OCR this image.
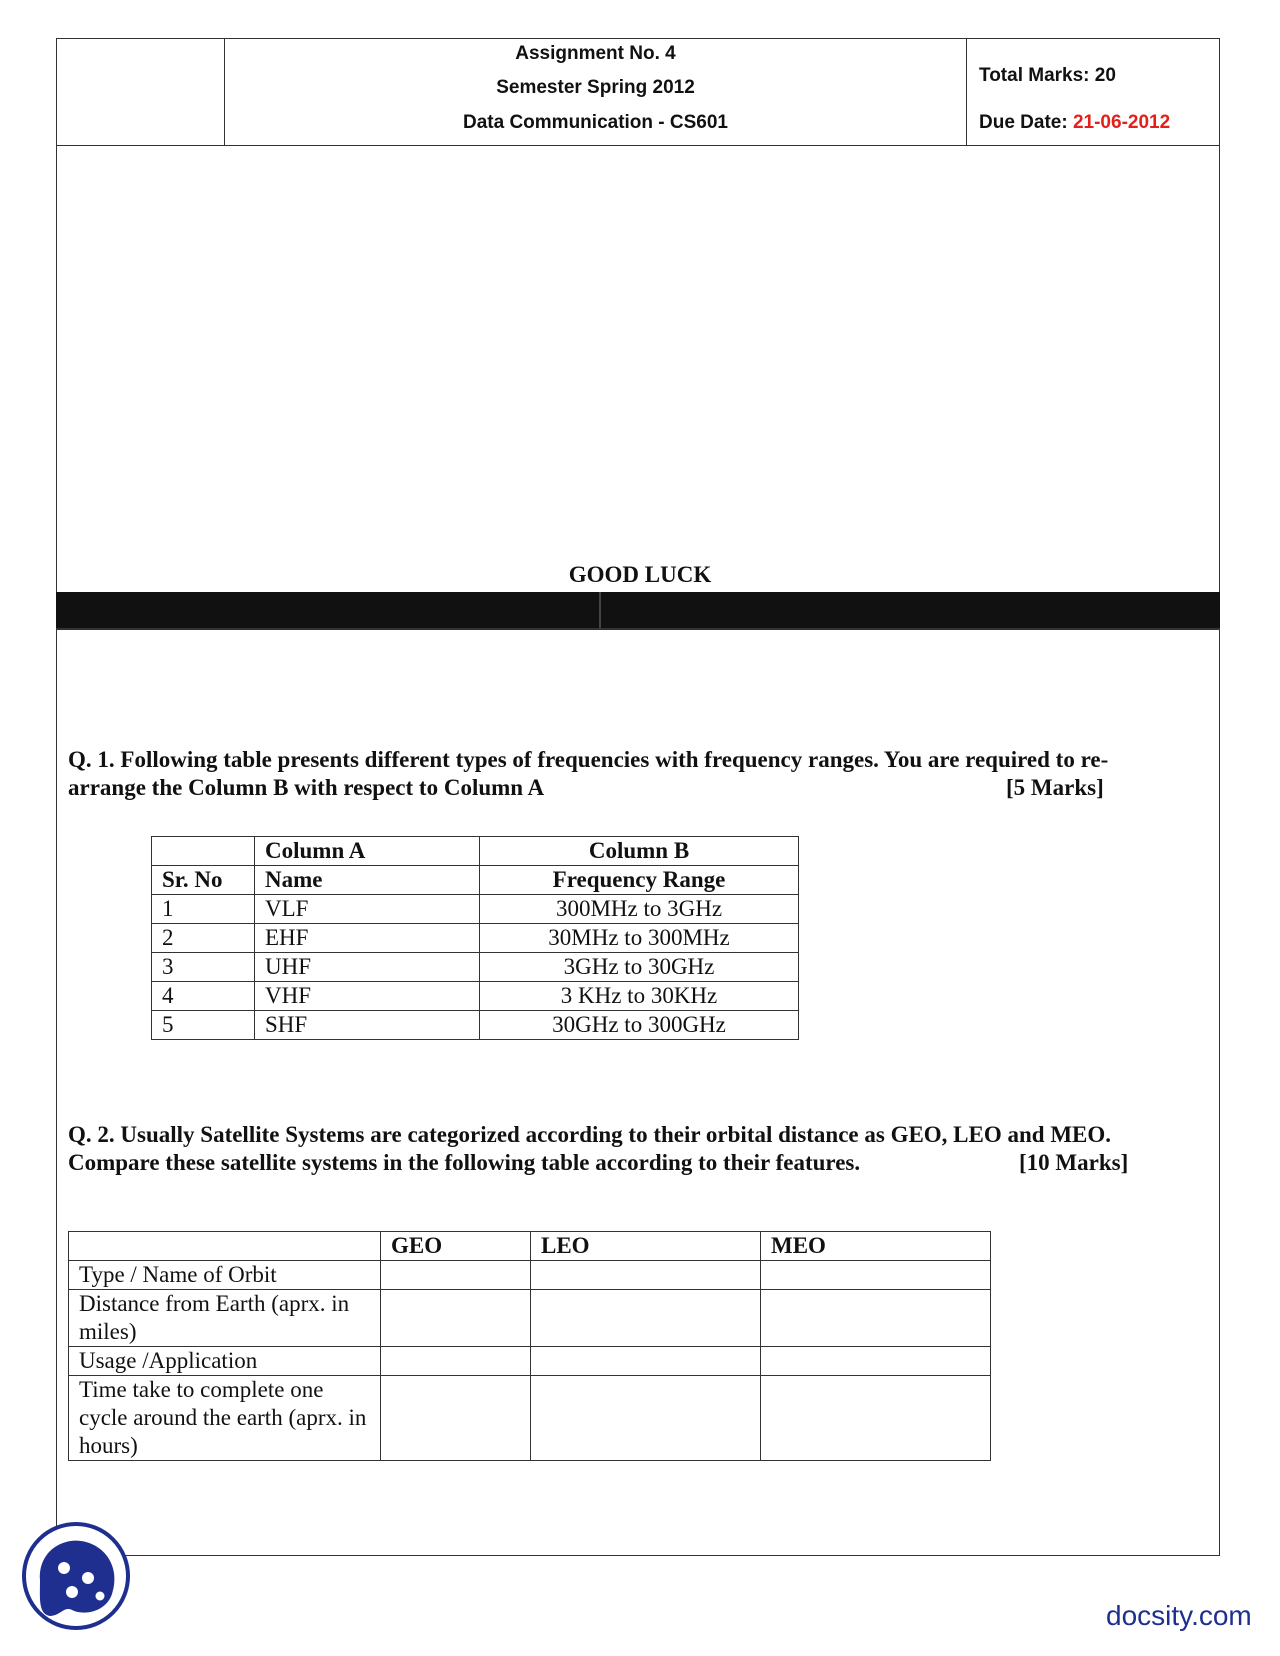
Assignment No. 4
Semester Spring 2012
Data Communication - CS601
Total Marks: 20
Due Date: 21-06-2012
GOOD LUCK
Q. 1. Following table presents different types of frequencies with frequency ranges. You are required to re-
arrange the Column B with respect to Column A	[5 Marks]
	Column A	Column B
Sr. No	Name	Frequency Range
1	VLF	300MHz to 3GHz
2	EHF	30MHz to 300MHz
3	UHF	3GHz to 30GHz
4	VHF	3 KHz to 30KHz
5	SHF	30GHz to 300GHz
Q. 2. Usually Satellite Systems are categorized according to their orbital distance as GEO, LEO and MEO.
Compare these satellite systems in the following table according to their features.	[10 Marks]
	GEO	LEO	MEO
Type / Name of Orbit			
Distance from Earth (aprx. in miles)			
Usage /Application			
Time take to complete one cycle around the earth (aprx. in hours)			
docsity.com
